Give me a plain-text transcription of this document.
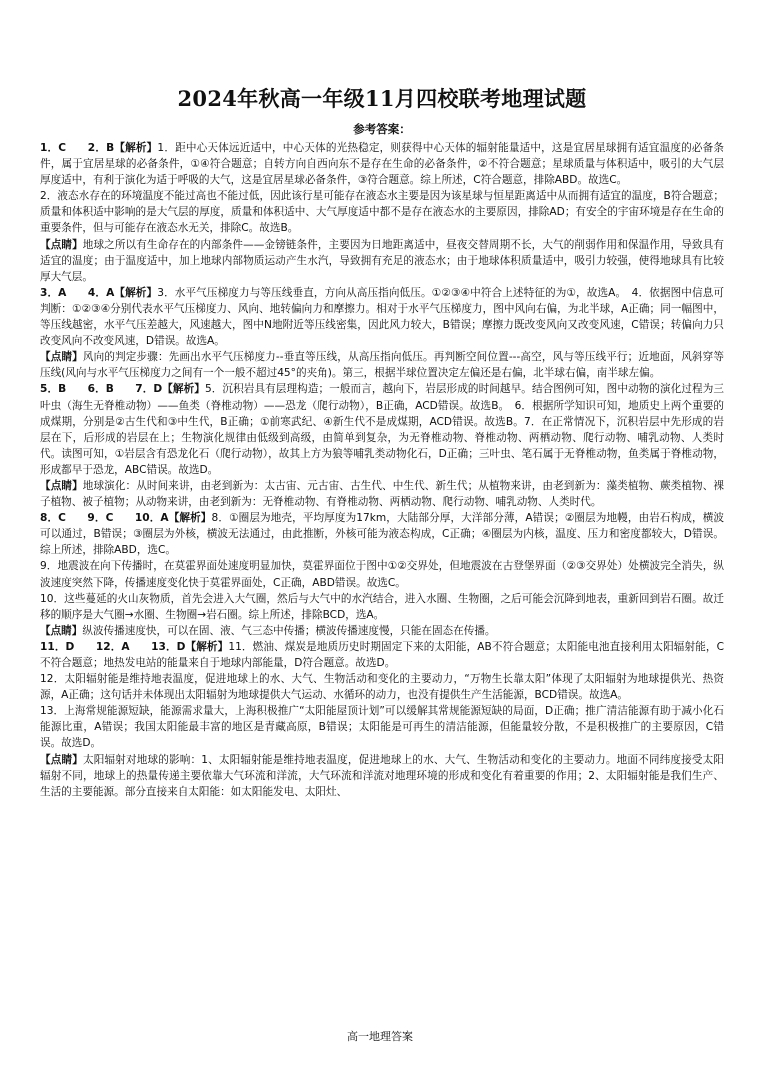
2024年秋高一年级11月四校联考地理试题
参考答案：

1．C　　2．B【解析】1．距中心天体远近适中，中心天体的光热稳定，则获得中心天体的辐射能量适中，这是宜居星球拥有适宜温度的必备条件，属于宜居星球的必备条件，①④符合题意；自转方向自西向东不是存在生命的必备条件，②不符合题意；星球质量与体积适中，吸引的大气层厚度适中，有利于演化为适于呼吸的大气，这是宜居星球必备条件，③符合题意。综上所述，C符合题意，排除ABD。故选C。

2．液态水存在的环境温度不能过高也不能过低，因此该行星可能存在液态水主要是因为该星球与恒星距离适中从而拥有适宜的温度，B符合题意；质量和体积适中影响的是大气层的厚度，质量和体积适中、大气厚度适中都不是存在液态水的主要原因，排除AD；有安全的宇宙环境是存在生命的重要条件，但与可能存在液态水无关，排除C。故选B。

【点睛】地球之所以有生命存在的内部条件——金镑链条件，主要因为日地距离适中，昼夜交替周期不长，大气的削弱作用和保温作用，导致具有适宜的温度；由于温度适中，加上地球内部物质运动产生水汽，导致拥有充足的液态水；由于地球体积质量适中，吸引力较强，使得地球具有比较厚大气层。

3．A　　4．A【解析】3．水平气压梯度力与等压线垂直，方向从高压指向低压。①②③④中符合上述特征的为①，故选A。　4．依据图中信息可判断：①②③④分别代表水平气压梯度力、风向、地转偏向力和摩擦力。相对于水平气压梯度力，图中风向右偏，为北半球，A正确；同一幅图中，等压线越密，水平气压差越大，风速越大，图中N地附近等压线密集，因此风力较大，B错误；摩擦力既改变风向又改变风速，C错误；转偏向力只改变风向不改变风速，D错误。故选A。

【点睛】风向的判定步骤：先画出水平气压梯度力--垂直等压线，从高压指向低压。再判断空间位置---高空，风与等压线平行；近地面，风斜穿等压线(风向与水平气压梯度力之间有一个一般不超过45°的夹角)。第三，根据半球位置决定左偏还是右偏，北半球右偏，南半球左偏。

5．B　　6．B　　7．D【解析】5．沉积岩具有层理构造；一般而言，越向下，岩层形成的时间越早。结合图例可知，图中动物的演化过程为三叶虫（海生无脊椎动物）——鱼类（脊椎动物）——恐龙（爬行动物），B正确，ACD错误。故选B。　6．根据所学知识可知，地质史上两个重要的成煤期，分别是②古生代和③中生代，B正确；①前寒武纪、④新生代不是成煤期，ACD错误。故选B。7．在正常情况下，沉积岩层中先形成的岩层在下，后形成的岩层在上；生物演化规律由低级到高级，由简单到复杂，为无脊椎动物、脊椎动物、两栖动物、爬行动物、哺乳动物、人类时代。读图可知，①岩层含有恐龙化石（爬行动物），故其上方为狼等哺乳类动物化石，D正确；三叶虫、笔石属于无脊椎动物，鱼类属于脊椎动物，形成都早于恐龙，ABC错误。故选D。

【点睛】地球演化：从时间来讲，由老到新为：太古宙、元古宙、古生代、中生代、新生代；从植物来讲，由老到新为：藻类植物、蕨类植物、裸子植物、被子植物；从动物来讲，由老到新为：无脊椎动物、有脊椎动物、两栖动物、爬行动物、哺乳动物、人类时代。

8．C　　9．C　　10．A【解析】8．①圈层为地壳，平均厚度为17km，大陆部分厚，大洋部分薄，A错误；②圈层为地幔，由岩石构成，横波可以通过，B错误；③圈层为外核，横波无法通过，由此推断，外核可能为液态构成，C正确；④圈层为内核，温度、压力和密度都较大，D错误。综上所述，排除ABD，选C。

9．地震波在向下传播时，在莫霍界面处速度明显加快，莫霍界面位于图中①②交界处，但地震波在古登堡界面（②③交界处）处横波完全消失，纵波速度突然下降，传播速度变化快于莫霍界面处，C正确，ABD错误。故选C。

10．这些蔓延的火山灰物质，首先会进入大气圈，然后与大气中的水汽结合，进入水圈、生物圈，之后可能会沉降到地表，重新回到岩石圈。故迁移的顺序是大气圈→水圈、生物圈→岩石圈。综上所述，排除BCD，选A。

【点睛】纵波传播速度快，可以在固、液、气三态中传播；横波传播速度慢，只能在固态在传播。

11．D　　12．A　　13．D【解析】11．燃油、煤炭是地质历史时期固定下来的太阳能，AB不符合题意；太阳能电池直接利用太阳辐射能，C不符合题意；地热发电站的能量来自于地球内部能量，D符合题意。故选D。

12．太阳辐射能是维持地表温度，促进地球上的水、大气、生物活动和变化的主要动力，“万物生长靠太阳”体现了太阳辐射为地球提供光、热资源，A正确；这句话并未体现出太阳辐射为地球提供大气运动、水循环的动力，也没有提供生产生活能源，BCD错误。故选A。

13．上海常规能源短缺，能源需求量大，上海积极推广“太阳能屋顶计划”可以缓解其常规能源短缺的局面，D正确；推广清洁能源有助于减小化石能源比重，A错误；我国太阳能最丰富的地区是青藏高原，B错误；太阳能是可再生的清洁能源，但能量较分散，不是积极推广的主要原因，C错误。故选D。

【点睛】太阳辐射对地球的影响：1、太阳辐射能是维持地表温度，促进地球上的水、大气、生物活动和变化的主要动力。地面不同纬度接受太阳辐射不同，地球上的热量传递主要依靠大气环流和洋流，大气环流和洋流对地理环境的形成和变化有着重要的作用；2、太阳辐射能是我们生产、生活的主要能源。部分直接来自太阳能：如太阳能发电、太阳灶、

高一地理答案
